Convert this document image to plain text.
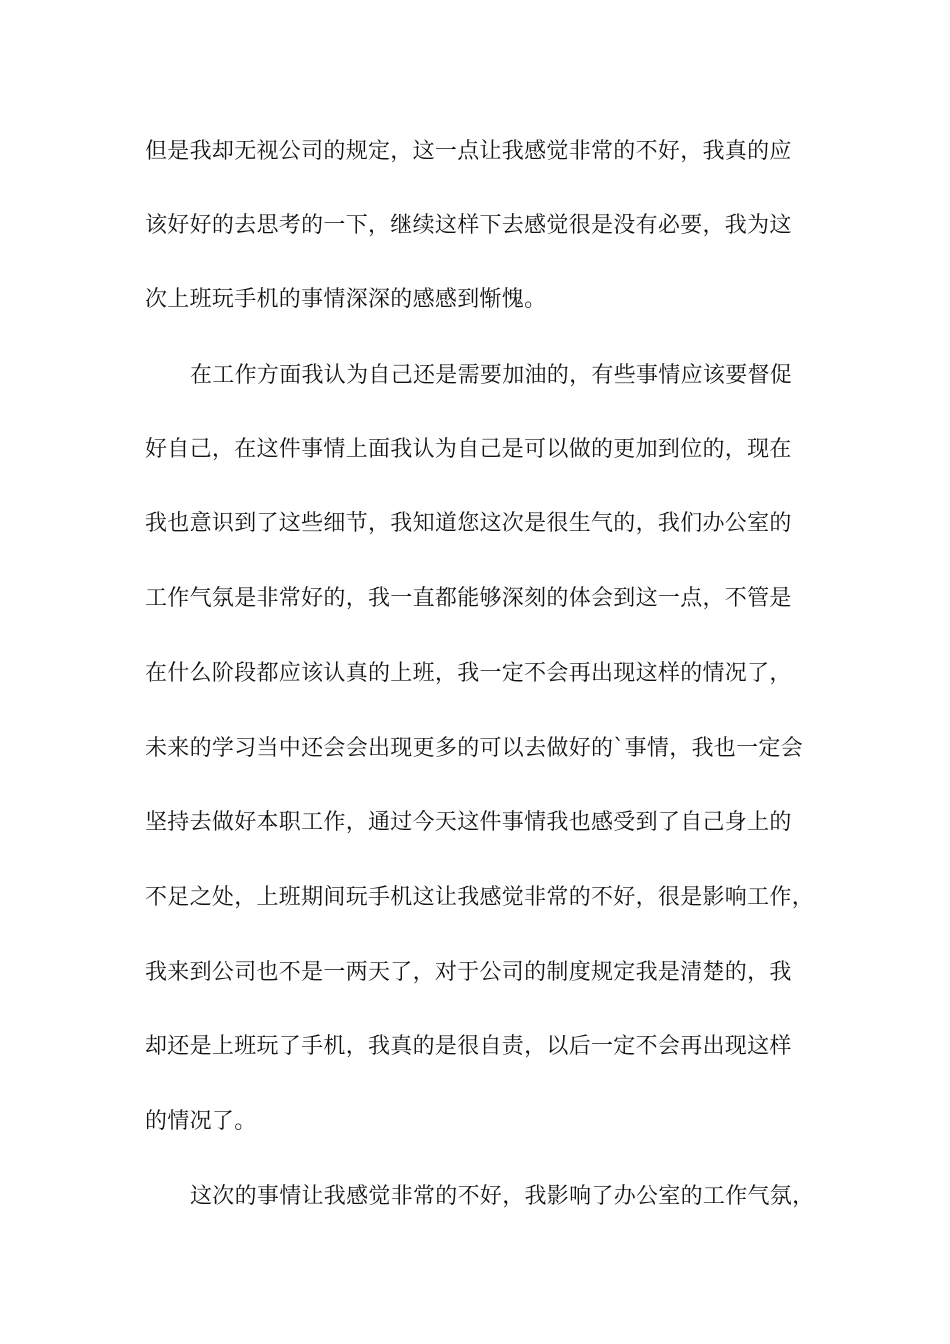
但是我却无视公司的规定，这一点让我感觉非常的不好，我真的应
该好好的去思考的一下，继续这样下去感觉很是没有必要，我为这
次上班玩手机的事情深深的感感到惭愧。
在工作方面我认为自己还是需要加油的，有些事情应该要督促
好自己，在这件事情上面我认为自己是可以做的更加到位的，现在
我也意识到了这些细节，我知道您这次是很生气的，我们办公室的
工作气氛是非常好的，我一直都能够深刻的体会到这一点，不管是
在什么阶段都应该认真的上班，我一定不会再出现这样的情况了，
未来的学习当中还会会出现更多的可以去做好的`事情，我也一定会
坚持去做好本职工作，通过今天这件事情我也感受到了自己身上的
不足之处，上班期间玩手机这让我感觉非常的不好，很是影响工作，
我来到公司也不是一两天了，对于公司的制度规定我是清楚的，我
却还是上班玩了手机，我真的是很自责，以后一定不会再出现这样
的情况了。
这次的事情让我感觉非常的不好，我影响了办公室的工作气氛，
